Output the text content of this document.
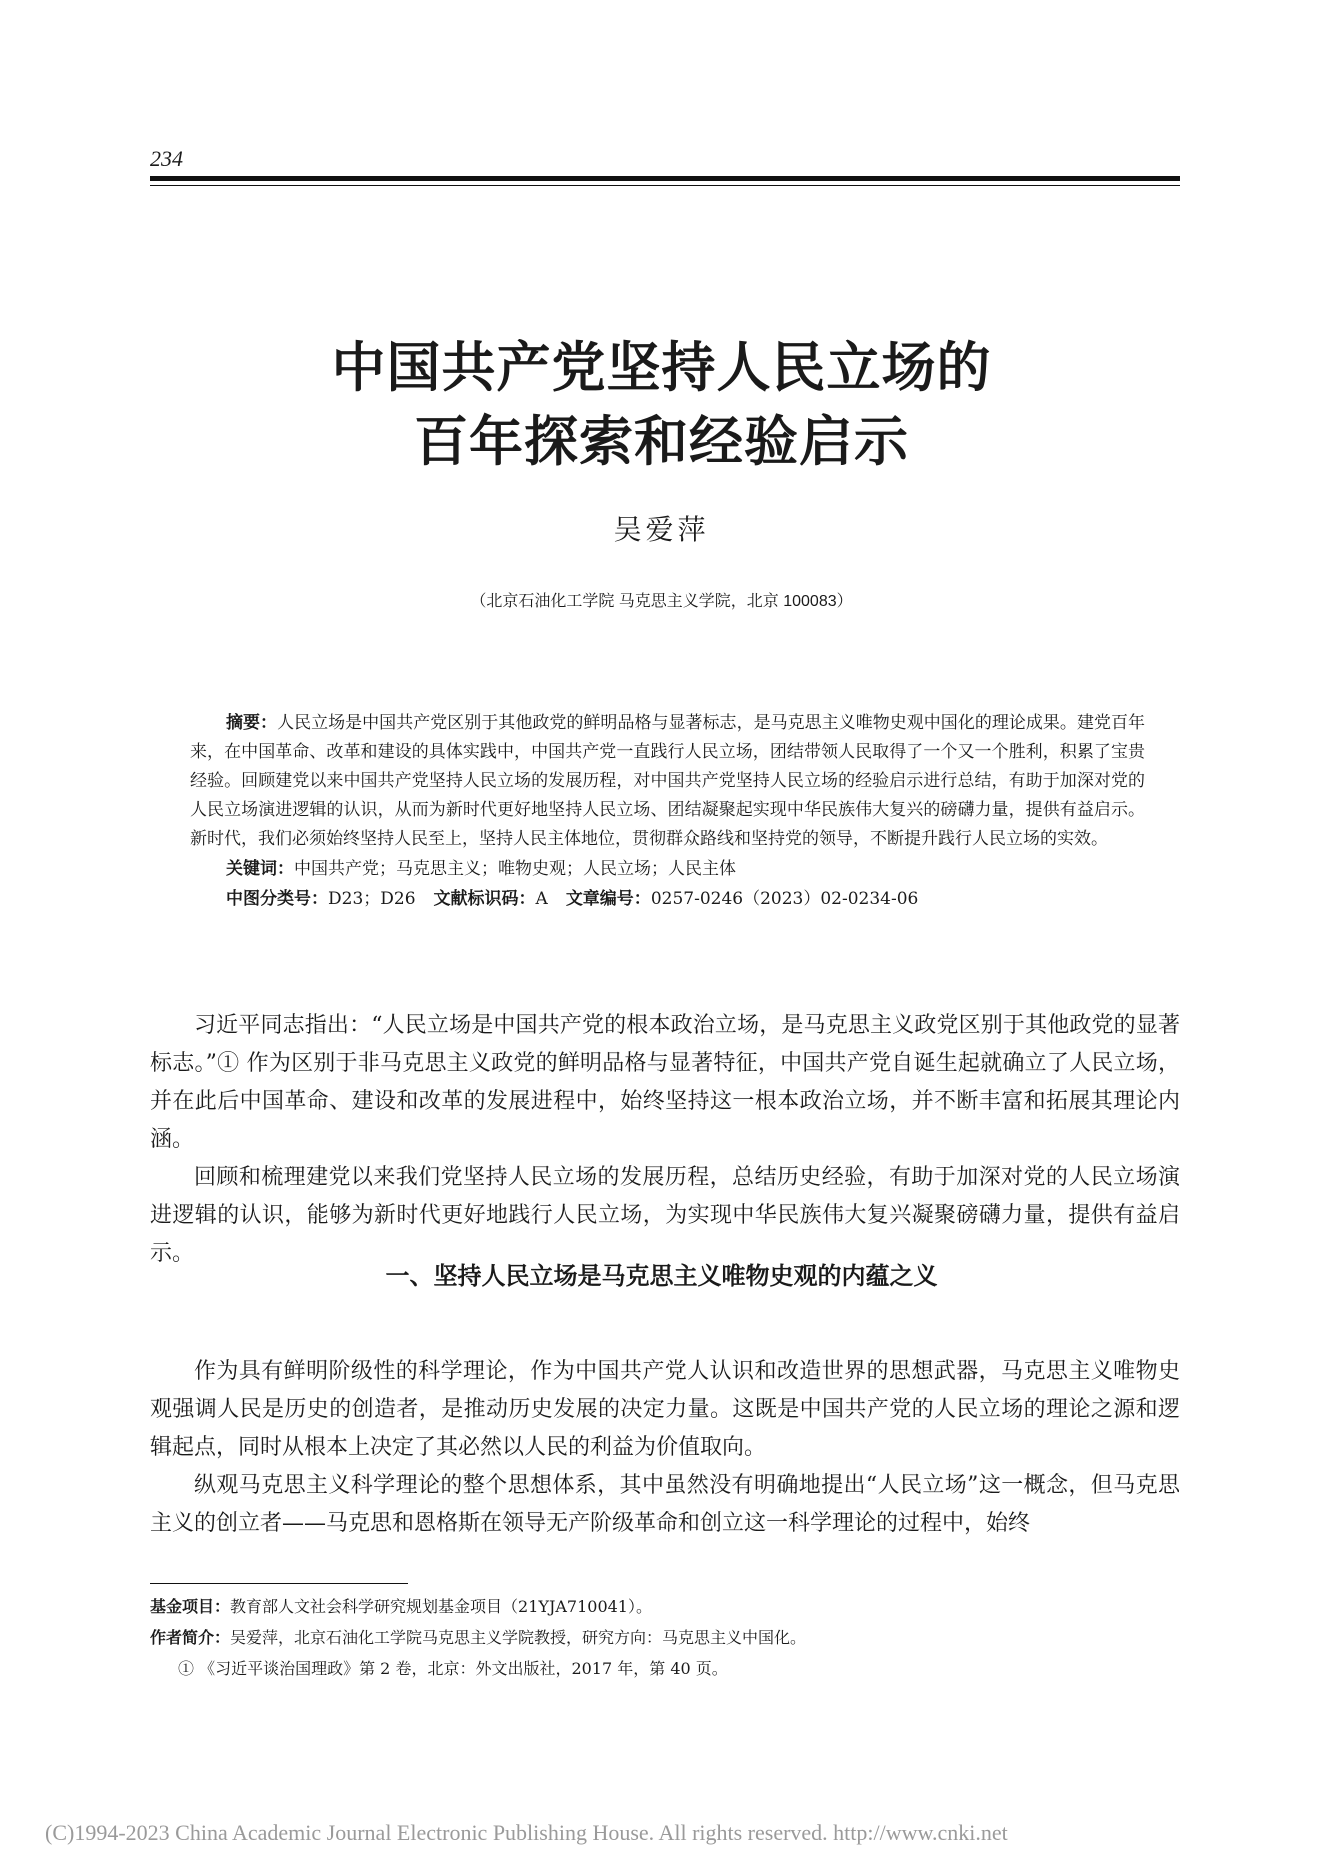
234
中国共产党坚持人民立场的
百年探索和经验启示
吴爱萍
（北京石油化工学院 马克思主义学院，北京 100083）

摘要：人民立场是中国共产党区别于其他政党的鲜明品格与显著标志，是马克思主义唯物史观中国化的理论成果。建党百年来，在中国革命、改革和建设的具体实践中，中国共产党一直践行人民立场，团结带领人民取得了一个又一个胜利，积累了宝贵经验。回顾建党以来中国共产党坚持人民立场的发展历程，对中国共产党坚持人民立场的经验启示进行总结，有助于加深对党的人民立场演进逻辑的认识，从而为新时代更好地坚持人民立场、团结凝聚起实现中华民族伟大复兴的磅礴力量，提供有益启示。新时代，我们必须始终坚持人民至上，坚持人民主体地位，贯彻群众路线和坚持党的领导，不断提升践行人民立场的实效。

关键词：中国共产党；马克思主义；唯物史观；人民立场；人民主体

中图分类号：D23；D26 文献标识码：A 文章编号：0257-0246（2023）02-0234-06

习近平同志指出：“人民立场是中国共产党的根本政治立场，是马克思主义政党区别于其他政党的显著标志。”① 作为区别于非马克思主义政党的鲜明品格与显著特征，中国共产党自诞生起就确立了人民立场，并在此后中国革命、建设和改革的发展进程中，始终坚持这一根本政治立场，并不断丰富和拓展其理论内涵。

回顾和梳理建党以来我们党坚持人民立场的发展历程，总结历史经验，有助于加深对党的人民立场演进逻辑的认识，能够为新时代更好地践行人民立场，为实现中华民族伟大复兴凝聚磅礴力量，提供有益启示。

一、坚持人民立场是马克思主义唯物史观的内蕴之义

作为具有鲜明阶级性的科学理论，作为中国共产党人认识和改造世界的思想武器，马克思主义唯物史观强调人民是历史的创造者，是推动历史发展的决定力量。这既是中国共产党的人民立场的理论之源和逻辑起点，同时从根本上决定了其必然以人民的利益为价值取向。

纵观马克思主义科学理论的整个思想体系，其中虽然没有明确地提出“人民立场”这一概念，但马克思主义的创立者——马克思和恩格斯在领导无产阶级革命和创立这一科学理论的过程中，始终

基金项目：教育部人文社会科学研究规划基金项目（21YJA710041）。

作者简介：吴爱萍，北京石油化工学院马克思主义学院教授，研究方向：马克思主义中国化。

① 《习近平谈治国理政》第 2 卷，北京：外文出版社，2017 年，第 40 页。

(C)1994-2023 China Academic Journal Electronic Publishing House. All rights reserved. http://www.cnki.net
